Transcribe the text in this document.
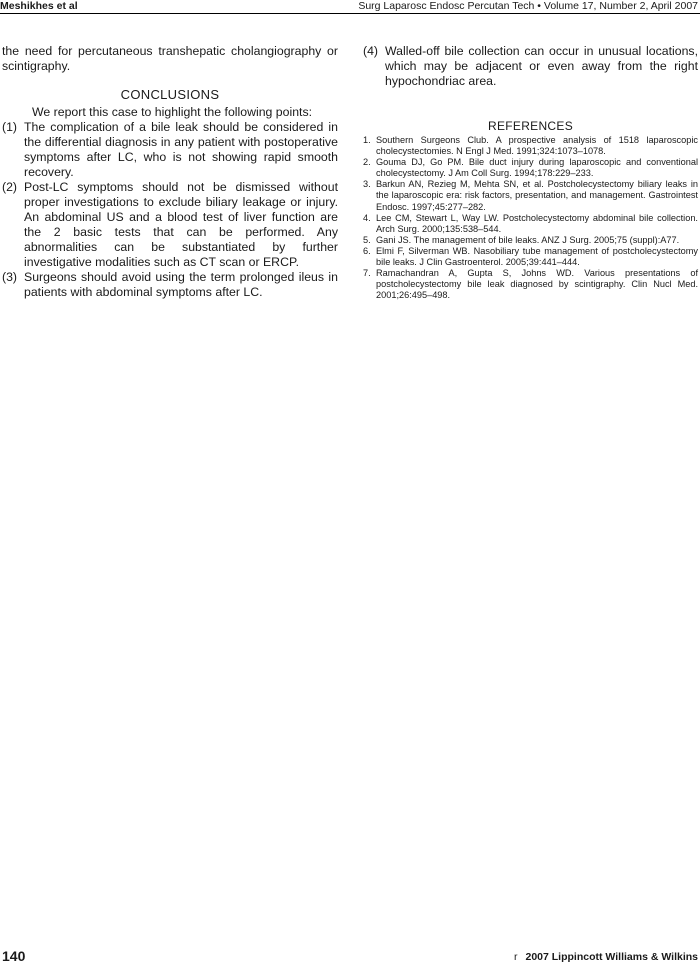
Meshikhes et al	Surg Laparosc Endosc Percutan Tech • Volume 17, Number 2, April 2007

the need for percutaneous transhepatic cholangiography or scintigraphy.

CONCLUSIONS

We report this case to highlight the following points:

(1) The complication of a bile leak should be considered in the differential diagnosis in any patient with postoperative symptoms after LC, who is not showing rapid smooth recovery.
(2) Post-LC symptoms should not be dismissed without proper investigations to exclude biliary leakage or injury. An abdominal US and a blood test of liver function are the 2 basic tests that can be performed. Any abnormalities can be substantiated by further investigative modalities such as CT scan or ERCP.
(3) Surgeons should avoid using the term prolonged ileus in patients with abdominal symptoms after LC.
(4) Walled-off bile collection can occur in unusual locations, which may be adjacent or even away from the right hypochondriac area.
REFERENCES
1. Southern Surgeons Club. A prospective analysis of 1518 laparoscopic cholecystectomies. N Engl J Med. 1991;324:1073–1078.
2. Gouma DJ, Go PM. Bile duct injury during laparoscopic and conventional cholecystectomy. J Am Coll Surg. 1994;178:229–233.
3. Barkun AN, Rezieg M, Mehta SN, et al. Postcholecystectomy biliary leaks in the laparoscopic era: risk factors, presentation, and management. Gastrointest Endosc. 1997;45:277–282.
4. Lee CM, Stewart L, Way LW. Postcholecystectomy abdominal bile collection. Arch Surg. 2000;135:538–544.
5. Gani JS. The management of bile leaks. ANZ J Surg. 2005;75 (suppl):A77.
6. Elmi F, Silverman WB. Nasobiliary tube management of postcholecystectomy bile leaks. J Clin Gastroenterol. 2005;39:441–444.
7. Ramachandran A, Gupta S, Johns WD. Various presentations of postcholecystectomy bile leak diagnosed by scintigraphy. Clin Nucl Med. 2001;26:495–498.
140	r 2007 Lippincott Williams & Wilkins
